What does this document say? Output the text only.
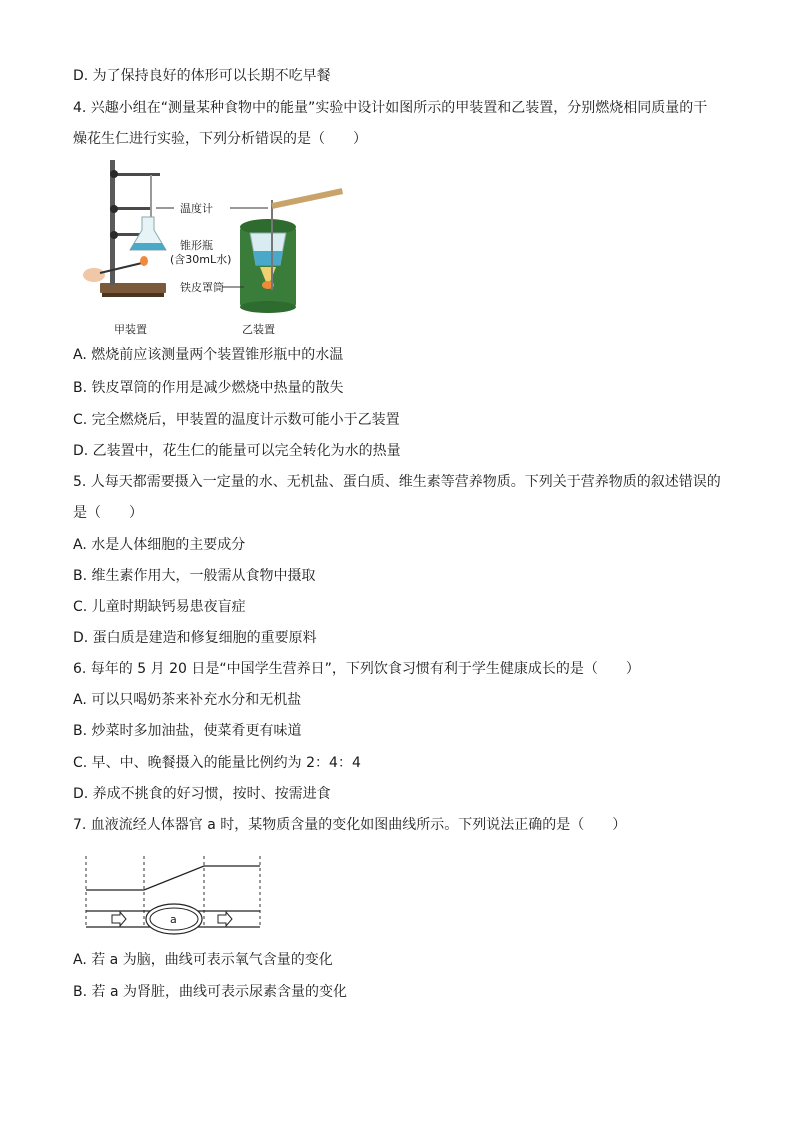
D. 为了保持良好的体形可以长期不吃早餐
4. 兴趣小组在“测量某种食物中的能量”实验中设计如图所示的甲装置和乙装置，分别燃烧相同质量的干
燥花生仁进行实验，下列分析错误的是（　　）
温度计
锥形瓶
(含30mL水)
铁皮罩筒
甲装置	乙装置
A. 燃烧前应该测量两个装置锥形瓶中的水温
B. 铁皮罩筒的作用是减少燃烧中热量的散失
C. 完全燃烧后，甲装置的温度计示数可能小于乙装置
D. 乙装置中，花生仁的能量可以完全转化为水的热量
5. 人每天都需要摄入一定量的水、无机盐、蛋白质、维生素等营养物质。下列关于营养物质的叙述错误的
是（　　）
A. 水是人体细胞的主要成分
B. 维生素作用大，一般需从食物中摄取
C. 儿童时期缺钙易患夜盲症
D. 蛋白质是建造和修复细胞的重要原料
6. 每年的 5 月 20 日是“中国学生营养日”，下列饮食习惯有利于学生健康成长的是（　　）
A. 可以只喝奶茶来补充水分和无机盐
B. 炒菜时多加油盐，使菜肴更有味道
C. 早、中、晚餐摄入的能量比例约为 2：4：4
D. 养成不挑食的好习惯，按时、按需进食
7. 血液流经人体器官 a 时，某物质含量的变化如图曲线所示。下列说法正确的是（　　）
a
A. 若 a 为脑，曲线可表示氧气含量的变化
B. 若 a 为肾脏，曲线可表示尿素含量的变化
